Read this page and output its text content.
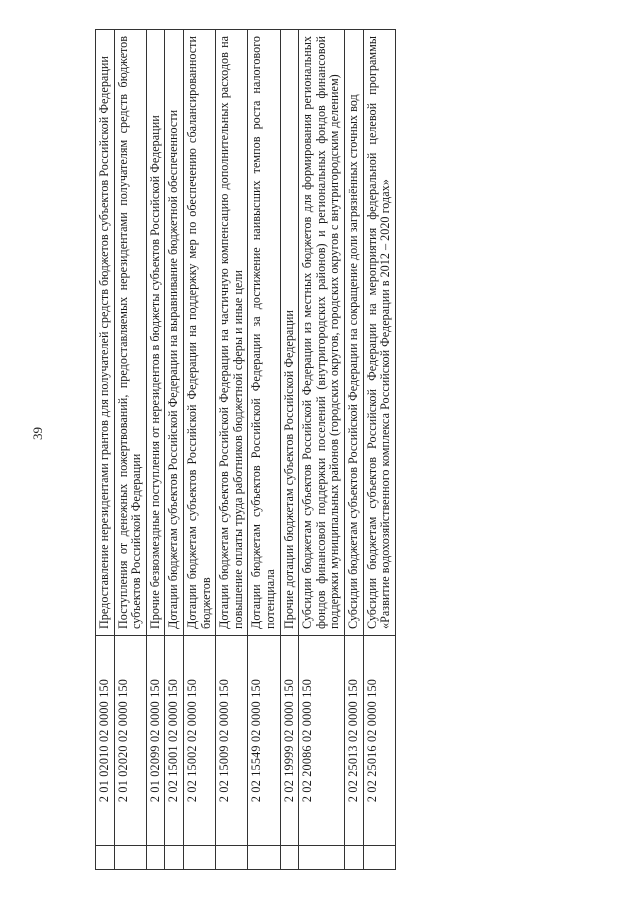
39
	2 01 02010 02 0000 150	Предоставление нерезидентами грантов для получателей средств бюджетов субъектов Российской Федерации
	2 01 02020 02 0000 150	Поступления от денежных пожертвований, предоставляемых нерезидентами получателям средств бюджетов субъектов Российской Федерации
	2 01 02099 02 0000 150	Прочие безвозмездные поступления от нерезидентов в бюджеты субъектов Российской Федерации
	2 02 15001 02 0000 150	Дотации бюджетам субъектов Российской Федерации на выравнивание бюджетной обеспеченности
	2 02 15002 02 0000 150	Дотации бюджетам субъектов Российской Федерации на поддержку мер по обеспечению сбалансированности бюджетов
	2 02 15009 02 0000 150	Дотации бюджетам субъектов Российской Федерации на частичную компенсацию дополнительных расходов на повышение оплаты труда работников бюджетной сферы и иные цели
	2 02 15549 02 0000 150	Дотации бюджетам субъектов Российской Федерации за достижение наивысших темпов роста налогового потенциала
	2 02 19999 02 0000 150	Прочие дотации бюджетам субъектов Российской Федерации
	2 02 20086 02 0000 150	Субсидии бюджетам субъектов Российской Федерации из местных бюджетов для формирования региональных фондов финансовой поддержки поселений (внутригородских районов) и региональных фондов финансовой поддержки муниципальных районов (городских округов, городских округов с внутригородским делением)
	2 02 25013 02 0000 150	Субсидии бюджетам субъектов Российской Федерации на сокращение доли загрязнённых сточных вод
	2 02 25016 02 0000 150	Субсидии бюджетам субъектов Российской Федерации на мероприятия федеральной целевой программы «Развитие водохозяйственного комплекса Российской Федерации в 2012 – 2020 годах»
